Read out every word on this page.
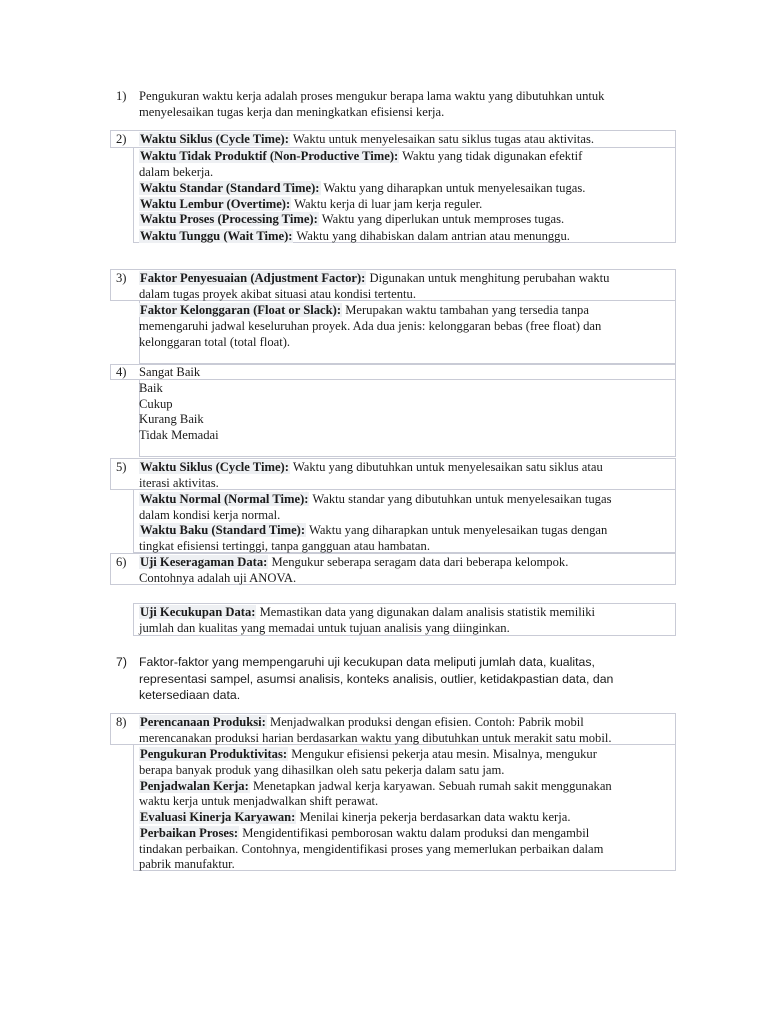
1) Pengukuran waktu kerja adalah proses mengukur berapa lama waktu yang dibutuhkan untuk
menyelesaikan tugas kerja dan meningkatkan efisiensi kerja.
2) Waktu Siklus (Cycle Time): Waktu untuk menyelesaikan satu siklus tugas atau aktivitas.
Waktu Tidak Produktif (Non-Productive Time): Waktu yang tidak digunakan efektif
dalam bekerja.
Waktu Standar (Standard Time): Waktu yang diharapkan untuk menyelesaikan tugas.
Waktu Lembur (Overtime): Waktu kerja di luar jam kerja reguler.
Waktu Proses (Processing Time): Waktu yang diperlukan untuk memproses tugas.
Waktu Tunggu (Wait Time): Waktu yang dihabiskan dalam antrian atau menunggu.
3) Faktor Penyesuaian (Adjustment Factor): Digunakan untuk menghitung perubahan waktu
dalam tugas proyek akibat situasi atau kondisi tertentu.
Faktor Kelonggaran (Float or Slack): Merupakan waktu tambahan yang tersedia tanpa
memengaruhi jadwal keseluruhan proyek. Ada dua jenis: kelonggaran bebas (free float) dan
kelonggaran total (total float).
4) Sangat Baik
Baik
Cukup
Kurang Baik
Tidak Memadai
5) Waktu Siklus (Cycle Time): Waktu yang dibutuhkan untuk menyelesaikan satu siklus atau
iterasi aktivitas.
Waktu Normal (Normal Time): Waktu standar yang dibutuhkan untuk menyelesaikan tugas
dalam kondisi kerja normal.
Waktu Baku (Standard Time): Waktu yang diharapkan untuk menyelesaikan tugas dengan
tingkat efisiensi tertinggi, tanpa gangguan atau hambatan.
6) Uji Keseragaman Data: Mengukur seberapa seragam data dari beberapa kelompok.
Contohnya adalah uji ANOVA.
Uji Kecukupan Data: Memastikan data yang digunakan dalam analisis statistik memiliki
jumlah dan kualitas yang memadai untuk tujuan analisis yang diinginkan.
7) Faktor-faktor yang mempengaruhi uji kecukupan data meliputi jumlah data, kualitas,
representasi sampel, asumsi analisis, konteks analisis, outlier, ketidakpastian data, dan
ketersediaan data.
8) Perencanaan Produksi: Menjadwalkan produksi dengan efisien. Contoh: Pabrik mobil
merencanakan produksi harian berdasarkan waktu yang dibutuhkan untuk merakit satu mobil.
Pengukuran Produktivitas: Mengukur efisiensi pekerja atau mesin. Misalnya, mengukur
berapa banyak produk yang dihasilkan oleh satu pekerja dalam satu jam.
Penjadwalan Kerja: Menetapkan jadwal kerja karyawan. Sebuah rumah sakit menggunakan
waktu kerja untuk menjadwalkan shift perawat.
Evaluasi Kinerja Karyawan: Menilai kinerja pekerja berdasarkan data waktu kerja.
Perbaikan Proses: Mengidentifikasi pemborosan waktu dalam produksi dan mengambil
tindakan perbaikan. Contohnya, mengidentifikasi proses yang memerlukan perbaikan dalam
pabrik manufaktur.
